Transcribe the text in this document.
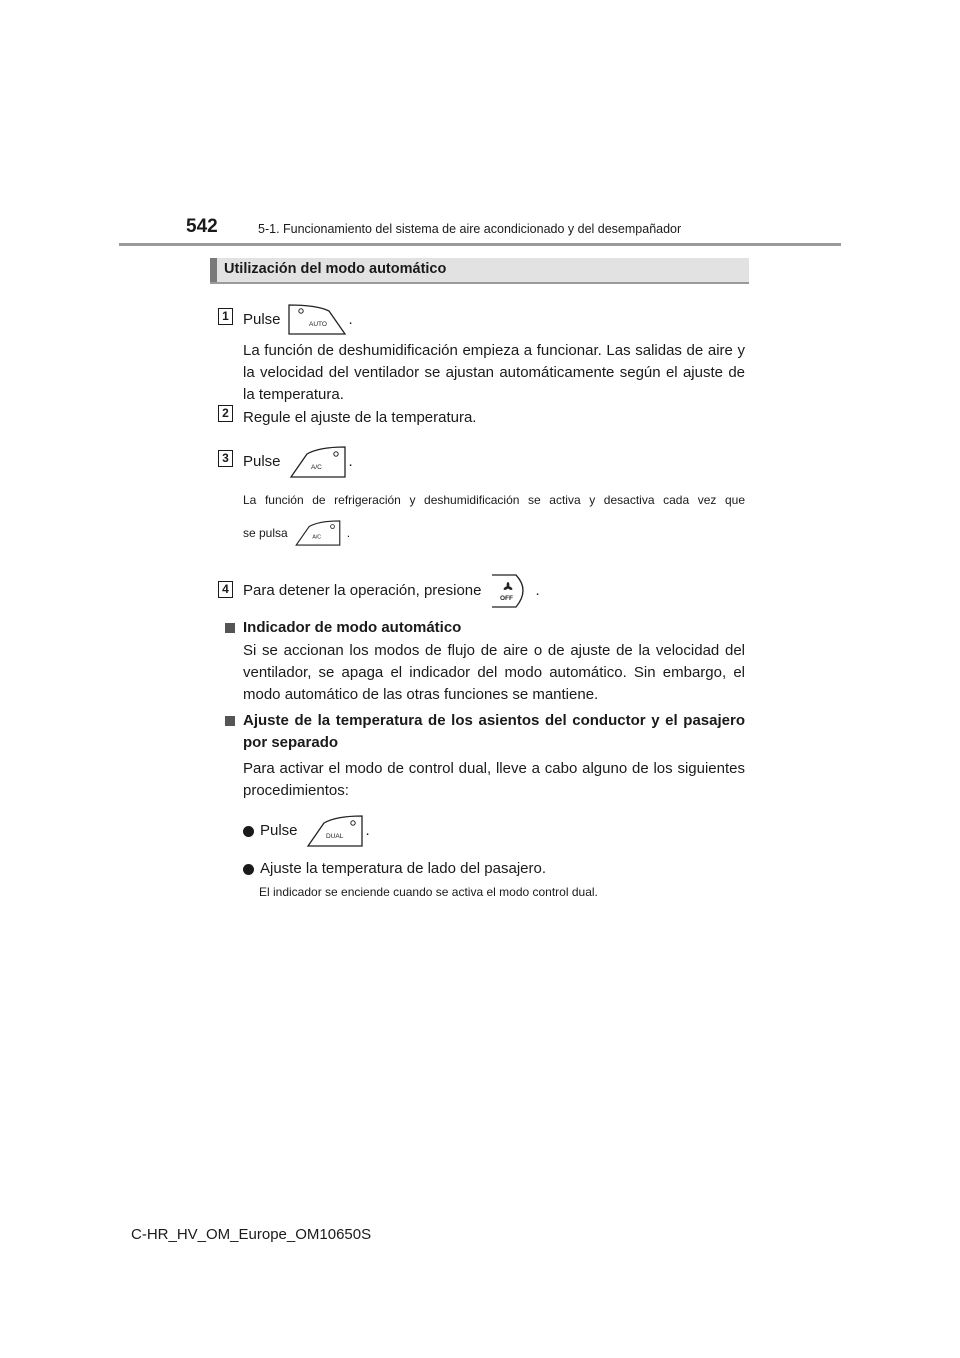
542	5-1. Funcionamiento del sistema de aire acondicionado y del desempañador
Utilización del modo automático
1 Pulse	AUTO .
La función de deshumidificación empieza a funcionar. Las salidas de aire y la velocidad del ventilador se ajustan automáticamente según el ajuste de la temperatura.
2 Regule el ajuste de la temperatura.
3 Pulse	A/C .
La función de refrigeración y deshumidificación se activa y desactiva cada vez que
se pulsa	A/C .
4 Para detener la operación, presione	OFF .
Indicador de modo automático
Si se accionan los modos de flujo de aire o de ajuste de la velocidad del ventilador, se apaga el indicador del modo automático. Sin embargo, el modo automático de las otras funciones se mantiene.
Ajuste de la temperatura de los asientos del conductor y el pasajero por separado
Para activar el modo de control dual, lleve a cabo alguno de los siguientes procedimientos:
Pulse	DUAL .
Ajuste la temperatura de lado del pasajero.
El indicador se enciende cuando se activa el modo control dual.
C-HR_HV_OM_Europe_OM10650S
